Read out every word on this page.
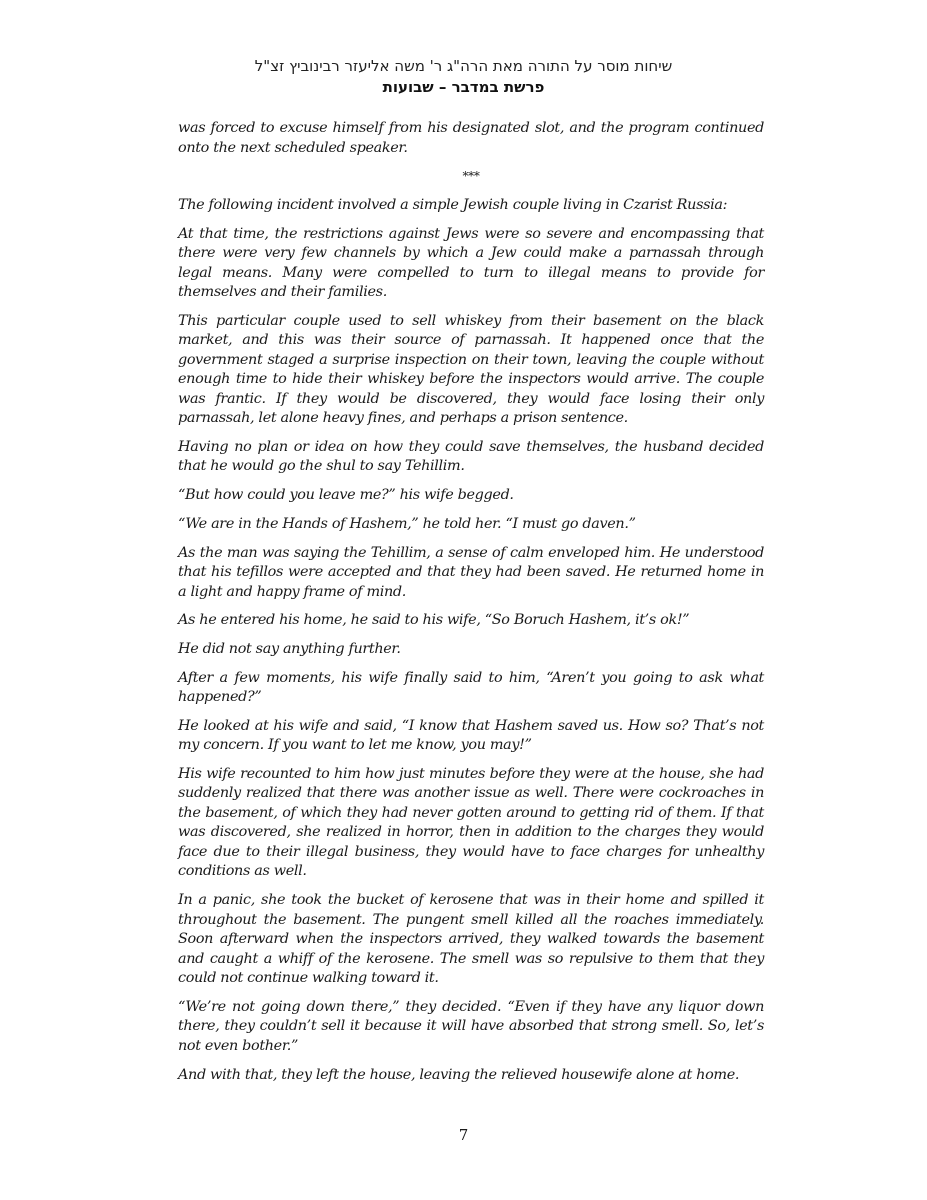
שיחות מוסר על התורה מאת הרה"ג ר' משה אליעזר רבינוביץ זצ"ל
פרשת במדבר – שבועות

was forced to excuse himself from his designated slot, and the program continued onto the next scheduled speaker.

***

The following incident involved a simple Jewish couple living in Czarist Russia:

At that time, the restrictions against Jews were so severe and encompassing that there were very few channels by which a Jew could make a parnassah through legal means. Many were compelled to turn to illegal means to provide for themselves and their families.

This particular couple used to sell whiskey from their basement on the black market, and this was their source of parnassah. It happened once that the government staged a surprise inspection on their town, leaving the couple without enough time to hide their whiskey before the inspectors would arrive. The couple was frantic. If they would be discovered, they would face losing their only parnassah, let alone heavy fines, and perhaps a prison sentence.

Having no plan or idea on how they could save themselves, the husband decided that he would go the shul to say Tehillim.

“But how could you leave me?” his wife begged.

“We are in the Hands of Hashem,” he told her. “I must go daven.”

As the man was saying the Tehillim, a sense of calm enveloped him. He understood that his tefillos were accepted and that they had been saved. He returned home in a light and happy frame of mind.

As he entered his home, he said to his wife, “So Boruch Hashem, it’s ok!”

He did not say anything further.

After a few moments, his wife finally said to him, “Aren’t you going to ask what happened?”

He looked at his wife and said, “I know that Hashem saved us. How so? That’s not my concern. If you want to let me know, you may!”

His wife recounted to him how just minutes before they were at the house, she had suddenly realized that there was another issue as well. There were cockroaches in the basement, of which they had never gotten around to getting rid of them. If that was discovered, she realized in horror, then in addition to the charges they would face due to their illegal business, they would have to face charges for unhealthy conditions as well.

In a panic, she took the bucket of kerosene that was in their home and spilled it throughout the basement. The pungent smell killed all the roaches immediately. Soon afterward when the inspectors arrived, they walked towards the basement and caught a whiff of the kerosene. The smell was so repulsive to them that they could not continue walking toward it.

“We’re not going down there,” they decided. “Even if they have any liquor down there, they couldn’t sell it because it will have absorbed that strong smell. So, let’s not even bother.”

And with that, they left the house, leaving the relieved housewife alone at home.

7
